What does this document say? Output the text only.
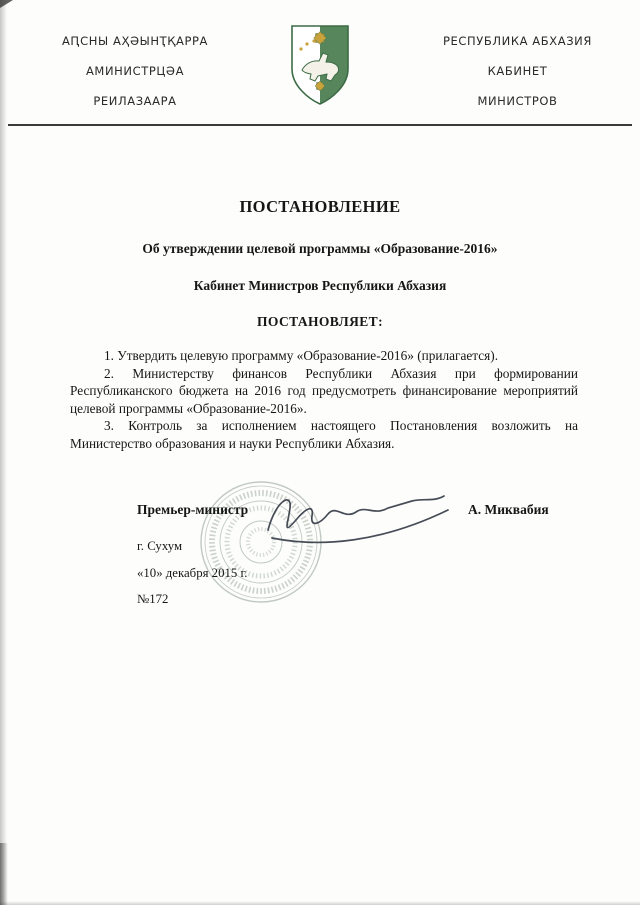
АԤСНЫ АҲӘЫНҬҚАРРА
АМИНИСТРЦӘА
РЕИЛАЗААРА
РЕСПУБЛИКА АБХАЗИЯ
КАБИНЕТ
МИНИСТРОВ
ПОСТАНОВЛЕНИЕ
Об утверждении целевой программы «Образование-2016»
Кабинет Министров Республики Абхазия
ПОСТАНОВЛЯЕТ:

1. Утвердить целевую программу «Образование-2016» (прилагается).

2. Министерству финансов Республики Абхазия при формировании Республиканского бюджета на 2016 год предусмотреть финансирование мероприятий целевой программы «Образование-2016».

3. Контроль за исполнением настоящего Постановления возложить на Министерство образования и науки Республики Абхазия.

Премьер-министр	А. Миквабия
г. Сухум
«10» декабря 2015 г.
№172
